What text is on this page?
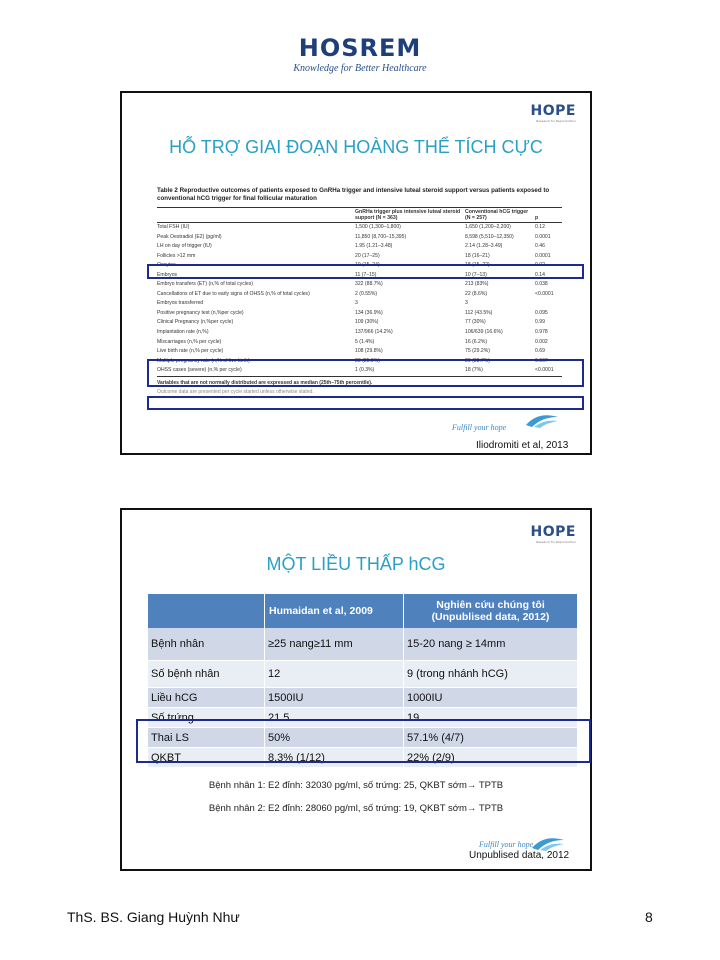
HOSREM
Knowledge for Better Healthcare
HOPE
Research for Reproduction
HỖ TRỢ GIAI ĐOẠN HOÀNG THỂ TÍCH CỰC
Table 2 Reproductive outcomes of patients exposed to GnRHa trigger and intensive luteal steroid support versus patients exposed to conventional hCG trigger for final follicular maturation
	GnRHa trigger plus intensive luteal steroid support (N = 363)	Conventional hCG trigger (N = 257)	p
Total FSH (IU)	1,500 (1,300–1,800)	1,650 (1,200–2,200)	0.12
Peak Oestradiol (E2) (pg/ml)	11,850 (8,700–15,395)	8,598 (5,510–12,350)	0.0001
LH on day of trigger (IU)	1.95 (1.21–3.48)	2.14 (1.28–3.49)	0.46
Follicles >12 mm	20 (17–25)	18 (16–21)	0.0001
Oocytes	19 (15–24)	18 (15–22)	0.02
Embryos	11 (7–15)	10 (7–13)	0.14
Embryo transfers (ET) (n,% of total cycles)	322 (88.7%)	213 (83%)	0.038
Cancellations of ET due to early signs of OHSS (n,% of total cycles)	2 (0.55%)	22 (8.6%)	<0.0001
Embryos transferred	3	3	
Positive pregnancy test (n,%per cycle)	134 (36.9%)	112 (43.5%)	0.095
Clinical Pregnancy (n,%per cycle)	109 (30%)	77 (30%)	0.99
Implantation rate (n,%)	137/966 (14.2%)	106/639 (16.6%)	0.978
Miscarriages (n,% per cycle)	5 (1.4%)	16 (6.2%)	0.002
Live birth rate (n,% per cycle)	108 (29.8%)	75 (29.2%)	0.69
Multiple pregnancy rate (n,% of live-birth)	28 (25.9%)	29 (38.7%)	0.067
OHSS cases (severe) (n,% per cycle)	1 (0.3%)	18 (7%)	<0.0001
Variables that are not normally distributed are expressed as median (25th–75th percentile).			
Outcome data are presented per cycle started unless otherwise stated.			
Fulfill your hope
Iliodromiti et al, 2013
HOPE
Research for Reproduction
MỘT LIỀU THẤP hCG
	Humaidan et al, 2009	Nghiên cứu chúng tôi (Unpublised data, 2012)
Bệnh nhân	≥25 nang≥11 mm	15-20 nang ≥ 14mm
Số bệnh nhân	12	9 (trong nhánh hCG)
Liều hCG	1500IU	1000IU
Số trứng	21.5	19
Thai LS	50%	57.1% (4/7)
QKBT	8.3% (1/12)	22% (2/9)
Bệnh nhân 1: E2 đỉnh: 32030 pg/ml, số trứng: 25, QKBT sớm→ TPTB
Bệnh nhân 2: E2 đỉnh: 28060 pg/ml, số trứng: 19, QKBT sớm→ TPTB
Fulfill your hope
Unpublised data, 2012
ThS. BS. Giang Huỳnh Như	8
